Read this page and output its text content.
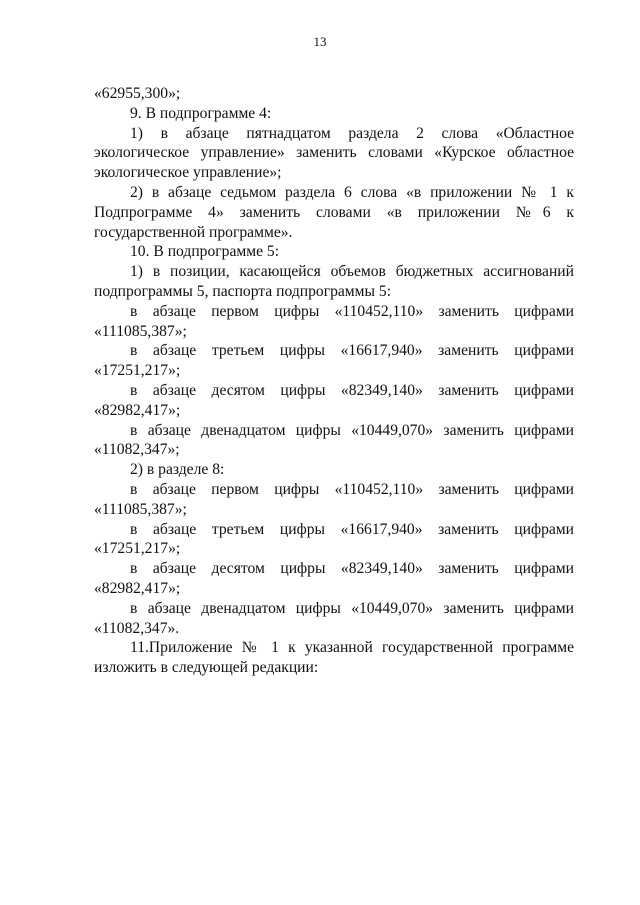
13

«62955,300»;

9. В подпрограмме 4:

1) в абзаце пятнадцатом раздела 2 слова «Областное экологическое управление» заменить словами «Курское областное экологическое управление»;

2) в абзаце седьмом раздела 6 слова «в приложении № 1 к Подпрограмме 4» заменить словами «в приложении №6 к государственной программе».

10. В подпрограмме 5:

1) в позиции, касающейся объемов бюджетных ассигнований подпрограммы 5, паспорта подпрограммы 5:

в абзаце первом цифры «110452,110» заменить цифрами «111085,387»;

в абзаце третьем цифры «16617,940» заменить цифрами «17251,217»;

в абзаце десятом цифры «82349,140» заменить цифрами «82982,417»;

в абзаце двенадцатом цифры «10449,070» заменить цифрами «11082,347»;

2) в разделе 8:

в абзаце первом цифры «110452,110» заменить цифрами «111085,387»;

в абзаце третьем цифры «16617,940» заменить цифрами «17251,217»;

в абзаце десятом цифры «82349,140» заменить цифрами «82982,417»;

в абзаце двенадцатом цифры «10449,070» заменить цифрами «11082,347».

11.Приложение № 1 к указанной государственной программе изложить в следующей редакции:
